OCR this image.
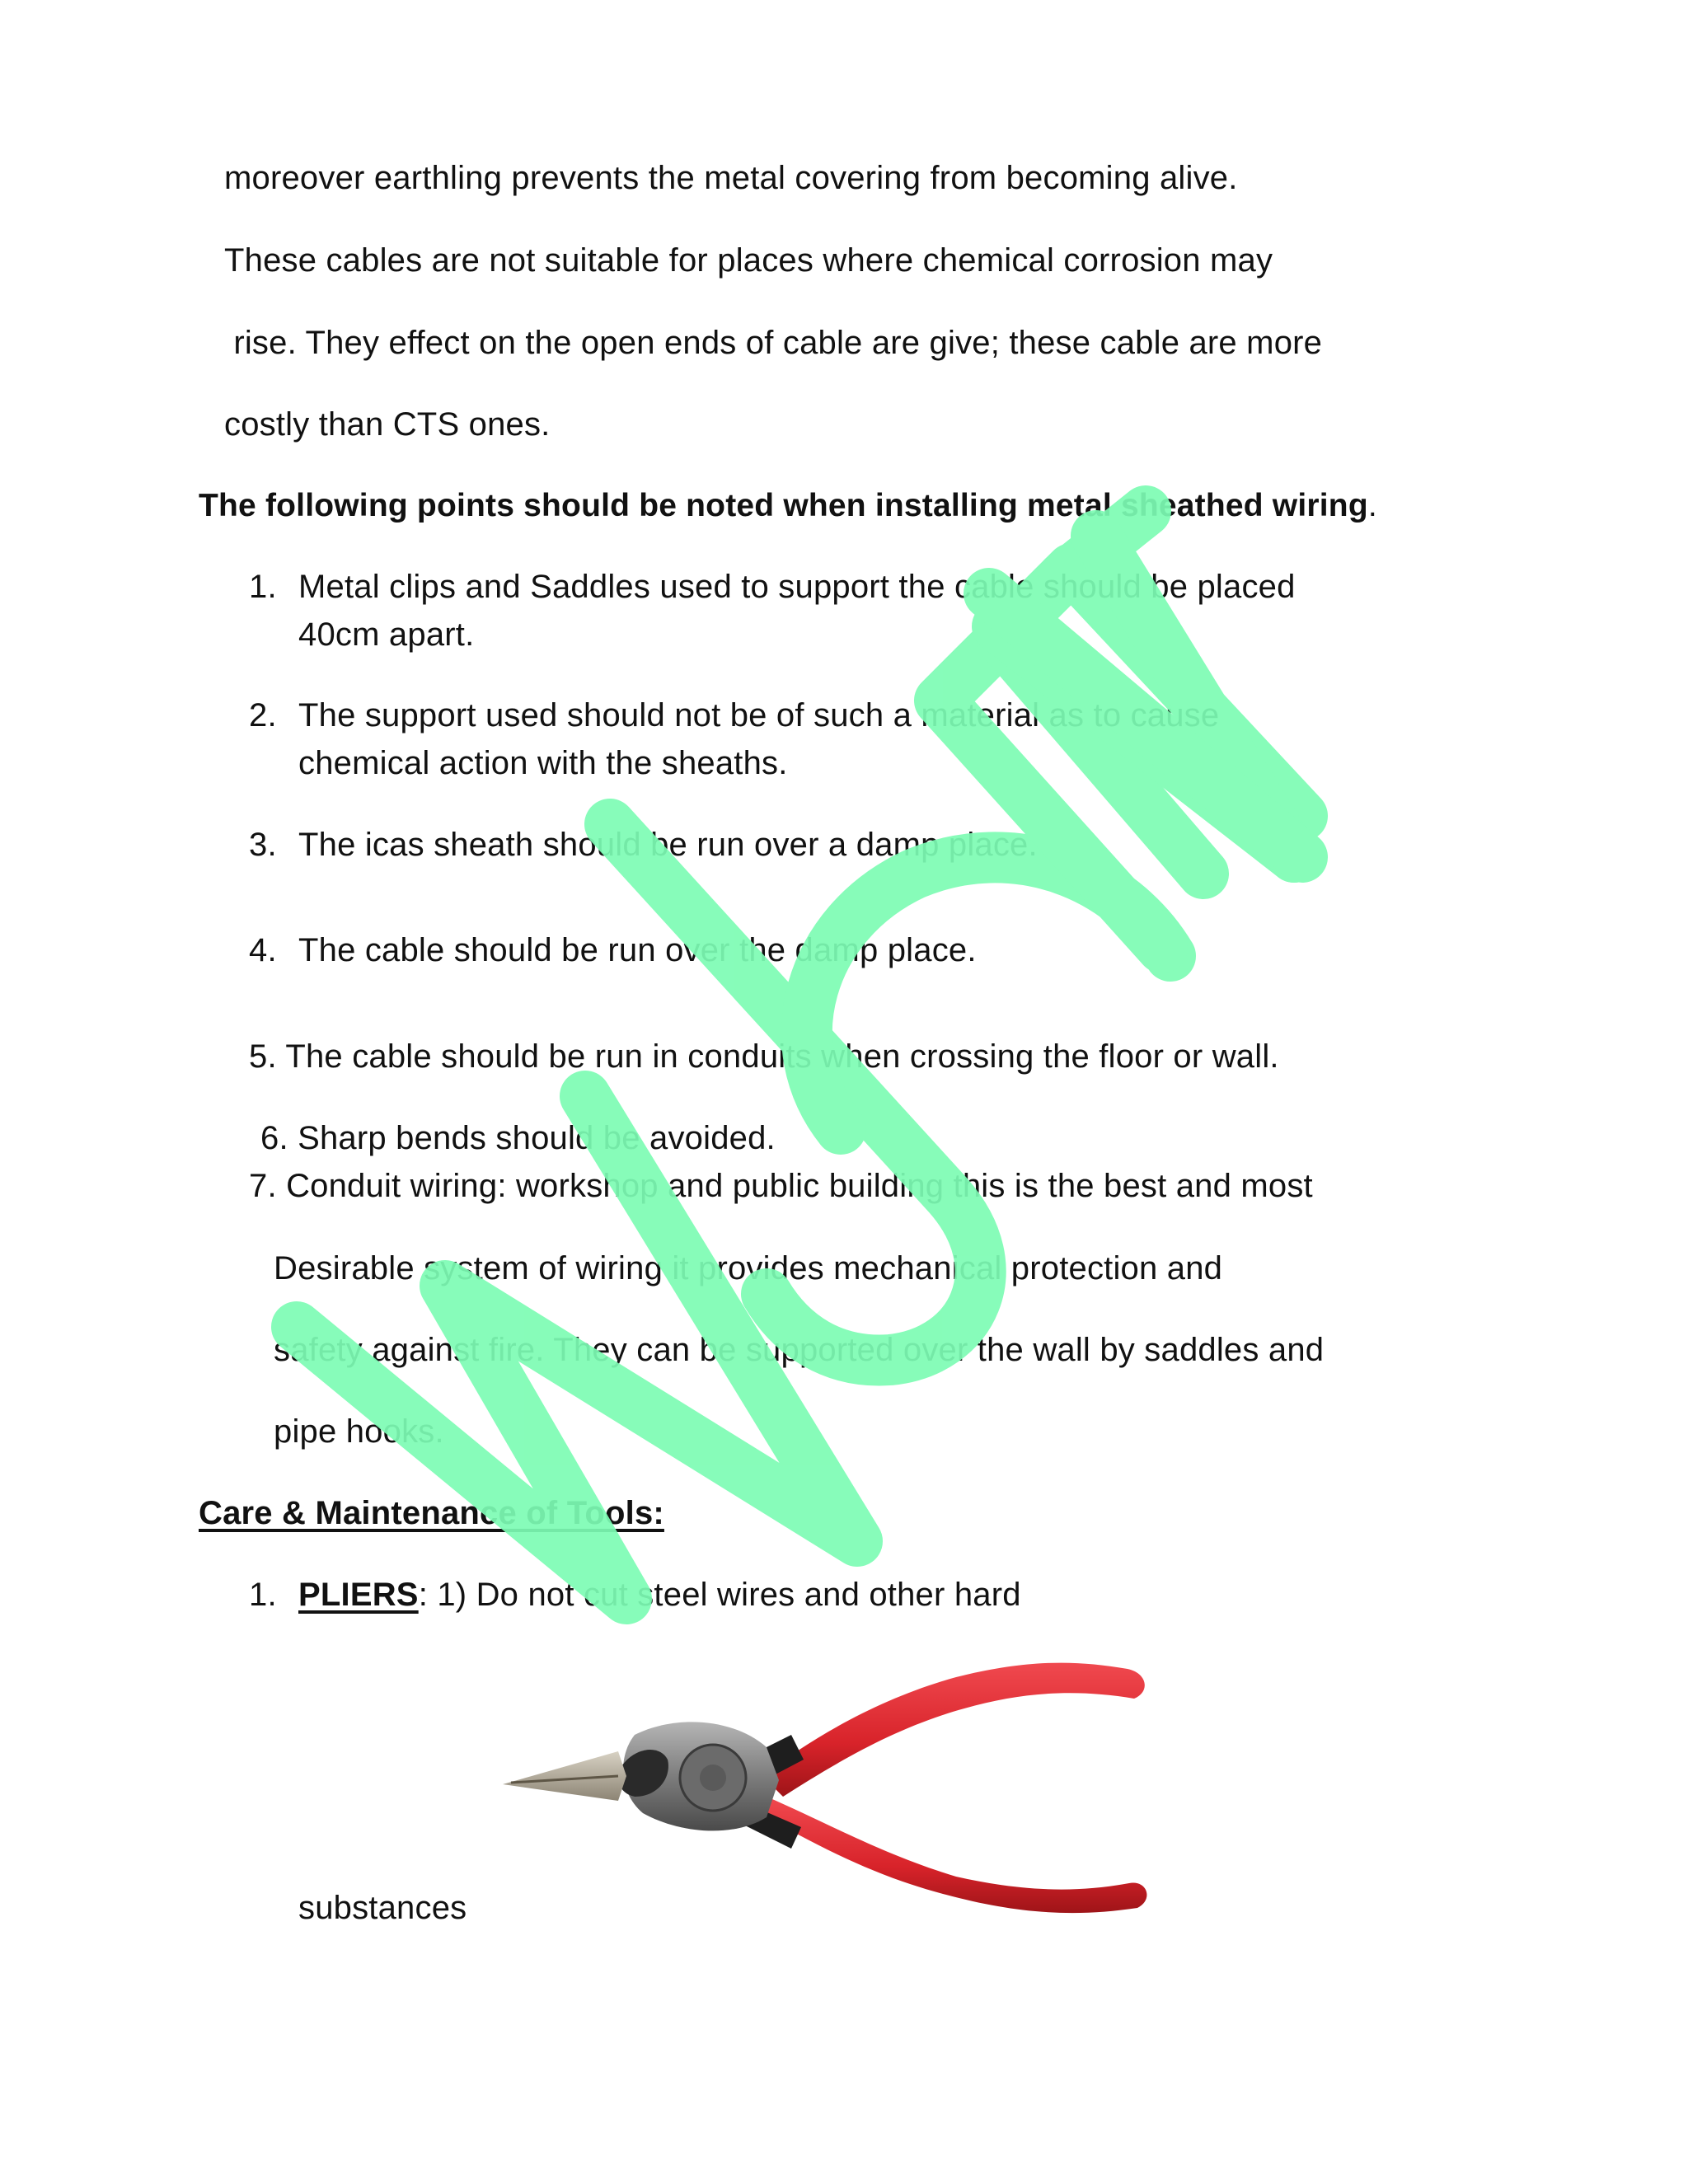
moreover earthling prevents the metal covering from becoming alive.
These cables are not suitable for places where chemical corrosion may
rise. They effect on the open ends of cable are give; these cable are more
costly than CTS ones.
The following points should be noted when installing metal sheathed wiring.
1. Metal clips and Saddles used to support the cable should be placed
40cm apart.
2. The support used should not be of such a material as to cause
chemical action with the sheaths.
3. The icas sheath should be run over a damp place.
4. The cable should be run over the damp place.
5. The cable should be run in conduits when crossing the floor or wall.
6. Sharp bends should be avoided.
7. Conduit wiring: workshop and public building this is the best and most
Desirable system of wiring it provides mechanical protection and
safety against fire. They can be supported over the wall by saddles and
pipe hooks.
Care & Maintenance of Tools:
1. PLIERS: 1) Do not cut steel wires and other hard
substances
